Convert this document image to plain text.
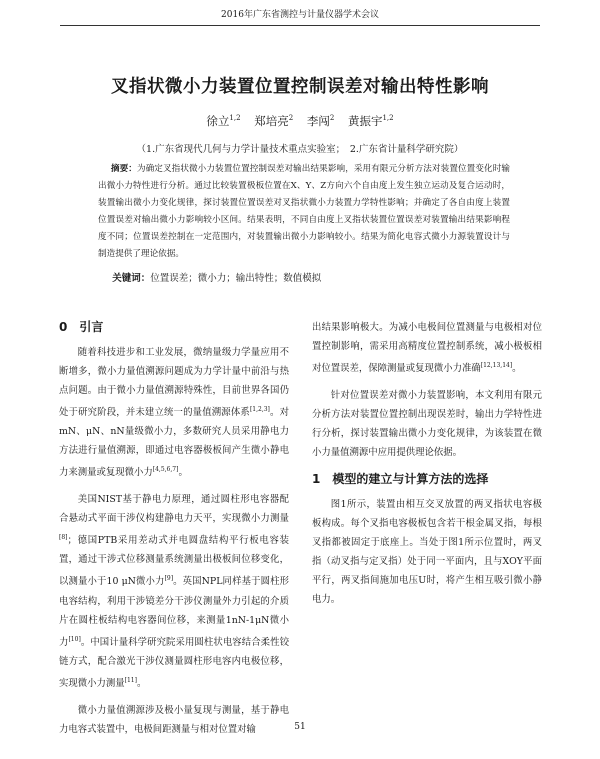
2016年广东省测控与计量仪器学术会议
叉指状微小力装置位置控制误差对输出特性影响
徐立$^{1,2}$ 郑培亮$^2$ 李闯$^2$ 黄振宇$^{1,2}$
（1.广东省现代几何与力学计量技术重点实验室；　2.广东省计量科学研究院）
摘要：为确定叉指状微小力装置位置控制误差对输出结果影响，采用有限元分析方法对装置位置变化时输出微小力特性进行分析。通过比较装置极板位置在X、Y、Z方向六个自由度上发生独立运动及复合运动时，装置输出微小力变化规律，探讨装置位置误差对叉指状微小力装置力学特性影响；并确定了各自由度上装置位置误差对输出微小力影响较小区间。结果表明，不同自由度上叉指状装置位置误差对装置输出结果影响程度不同；位置误差控制在一定范围内，对装置输出微小力影响较小。结果为简化电容式微小力源装置设计与制造提供了理论依据。
关键词：位置误差；微小力；输出特性；数值模拟
0　引言

随着科技进步和工业发展，微纳量级力学量应用不断增多，微小力量值溯源问题成为力学计量中前沿与热点问题。由于微小力量值溯源特殊性，目前世界各国仍处于研究阶段，并未建立统一的量值溯源体系[1,2,3]。对mN、μN、nN量级微小力，多数研究人员采用静电力方法进行量值溯源，即通过电容器极板间产生微小静电力来测量或复现微小力[4,5,6,7]。

美国NIST基于静电力原理，通过圆柱形电容器配合悬动式平面干涉仪构建静电力天平，实现微小力测量[8]；德国PTB采用差动式并电圆盘结构平行板电容装置，通过干涉式位移测量系统测量出极板间位移变化，以测量小于10 μN微小力[9]。英国NPL同样基于圆柱形电容结构，利用干涉镜差分干涉仪测量外力引起的介质片在圆柱板结构电容器间位移，来测量1nN-1μN微小力[10]。中国计量科学研究院采用圆柱状电容结合柔性铰链方式，配合激光干涉仪测量圆柱形电容内电极位移，实现微小力测量[11]。

微小力量值溯源涉及极小量复现与测量，基于静电力电容式装置中，电极间距测量与相对位置对输

出结果影响极大。为减小电极间位置测量与电极相对位置控制影响，需采用高精度位置控制系统，减小极板相对位置误差，保障测量或复现微小力准确[12,13,14]。

针对位置误差对微小力装置影响，本文利用有限元分析方法对装置位置控制出现误差时，输出力学特性进行分析，探讨装置输出微小力变化规律，为该装置在微小力量值溯源中应用提供理论依据。

1　模型的建立与计算方法的选择

图1所示，装置由相互交叉放置的两叉指状电容极板构成。每个叉指电容极板包含若干根金属叉指，每根叉指都被固定于底座上。当处于图1所示位置时，两叉指（动叉指与定叉指）处于同一平面内，且与XOY平面平行，两叉指间施加电压U时，将产生相互吸引微小静电力。

51
